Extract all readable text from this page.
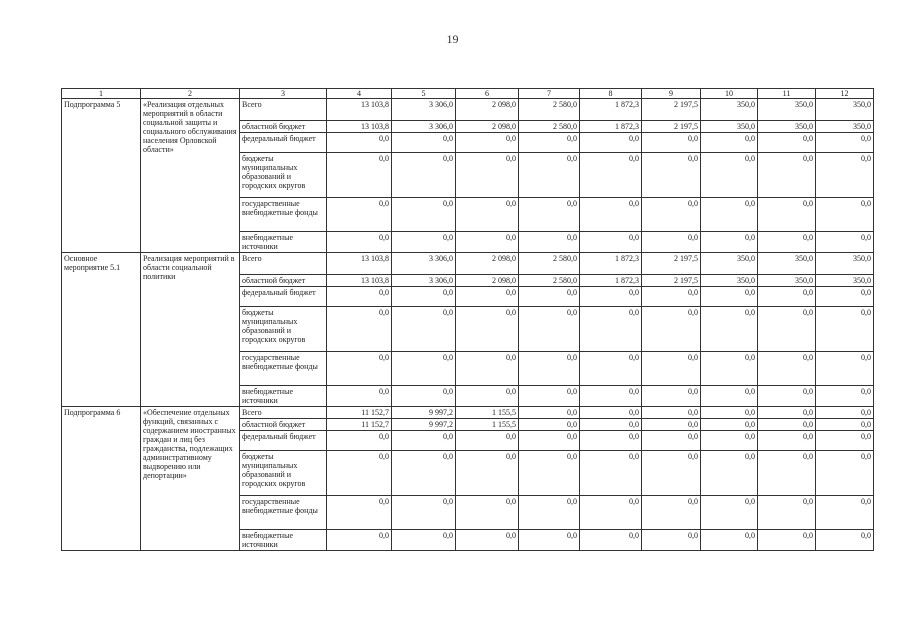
19
1	2	3	4	5	6	7	8	9	10	11	12
Подпрограмма 5	«Реализация отдельных мероприятий в области социальной защиты и социального обслуживания населения Орловской области»	Всего	13 103,8	3 306,0	2 098,0	2 580,0	1 872,3	2 197,5	350,0	350,0	350,0
		областной бюджет	13 103,8	3 306,0	2 098,0	2 580,0	1 872,3	2 197,5	350,0	350,0	350,0
		федеральный бюджет	0,0	0,0	0,0	0,0	0,0	0,0	0,0	0,0	0,0
		бюджеты муниципальных образований и городских округов	0,0	0,0	0,0	0,0	0,0	0,0	0,0	0,0	0,0
		государственные внебюджетные фонды	0,0	0,0	0,0	0,0	0,0	0,0	0,0	0,0	0,0
		внебюджетные источники	0,0	0,0	0,0	0,0	0,0	0,0	0,0	0,0	0,0
Основное мероприятие 5.1	Реализация мероприятий в области социальной политики	Всего	13 103,8	3 306,0	2 098,0	2 580,0	1 872,3	2 197,5	350,0	350,0	350,0
		областной бюджет	13 103,8	3 306,0	2 098,0	2 580,0	1 872,3	2 197,5	350,0	350,0	350,0
		федеральный бюджет	0,0	0,0	0,0	0,0	0,0	0,0	0,0	0,0	0,0
		бюджеты муниципальных образований и городских округов	0,0	0,0	0,0	0,0	0,0	0,0	0,0	0,0	0,0
		государственные внебюджетные фонды	0,0	0,0	0,0	0,0	0,0	0,0	0,0	0,0	0,0
		внебюджетные источники	0,0	0,0	0,0	0,0	0,0	0,0	0,0	0,0	0,0
Подпрограмма 6	«Обеспечение отдельных функций, связанных с содержанием иностранных граждан и лиц без гражданства, подлежащих административному выдворению или депортации»	Всего	11 152,7	9 997,2	1 155,5	0,0	0,0	0,0	0,0	0,0	0,0
		областной бюджет	11 152,7	9 997,2	1 155,5	0,0	0,0	0,0	0,0	0,0	0,0
		федеральный бюджет	0,0	0,0	0,0	0,0	0,0	0,0	0,0	0,0	0,0
		бюджеты муниципальных образований и городских округов	0,0	0,0	0,0	0,0	0,0	0,0	0,0	0,0	0,0
		государственные внебюджетные фонды	0,0	0,0	0,0	0,0	0,0	0,0	0,0	0,0	0,0
		внебюджетные источники	0,0	0,0	0,0	0,0	0,0	0,0	0,0	0,0	0,0
